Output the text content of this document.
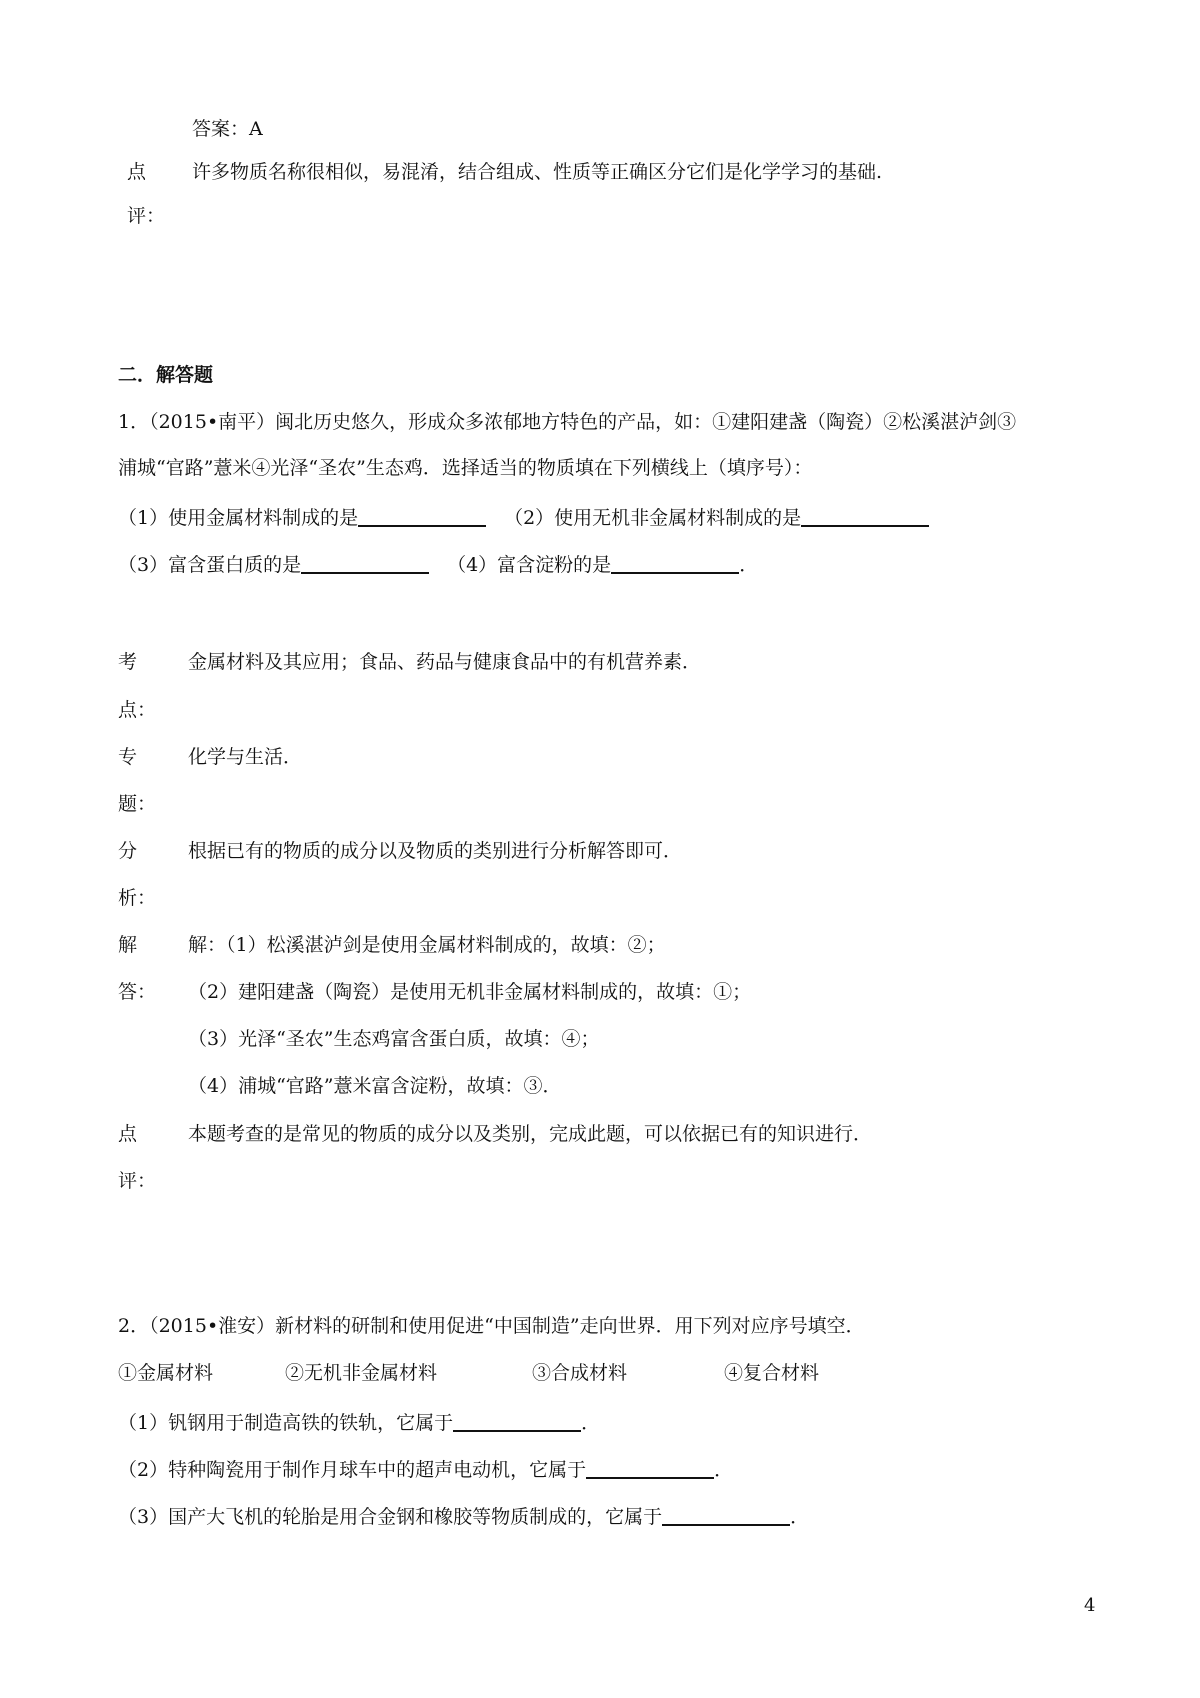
答案：A
点 许多物质名称很相似，易混淆，结合组成、性质等正确区分它们是化学学习的基础.
评：
二．解答题
1．（2015•南平）闽北历史悠久，形成众多浓郁地方特色的产品，如：①建阳建盏（陶瓷）②松溪湛泸剑③
浦城“官路”薏米④光泽“圣农”生态鸡．选择适当的物质填在下列横线上（填序号）：
（1）使用金属材料制成的是	（2）使用无机非金属材料制成的是
（3）富含蛋白质的是	（4）富含淀粉的是	．
考	金属材料及其应用；食品、药品与健康食品中的有机营养素．
点：
专	化学与生活．
题：
分	根据已有的物质的成分以及物质的类别进行分析解答即可．
析：
解	解：（1）松溪湛泸剑是使用金属材料制成的，故填：②；
答： （2）建阳建盏（陶瓷）是使用无机非金属材料制成的，故填：①；
（3）光泽“圣农”生态鸡富含蛋白质，故填：④；
（4）浦城“官路”薏米富含淀粉，故填：③．
点	本题考查的是常见的物质的成分以及类别，完成此题，可以依据已有的知识进行．
评：
2．（2015•淮安）新材料的研制和使用促进“中国制造”走向世界．用下列对应序号填空．
①金属材料	②无机非金属材料	③合成材料	④复合材料
（1）钒钢用于制造高铁的铁轨，它属于	．
（2）特种陶瓷用于制作月球车中的超声电动机，它属于	．
（3）国产大飞机的轮胎是用合金钢和橡胶等物质制成的，它属于	．
4
